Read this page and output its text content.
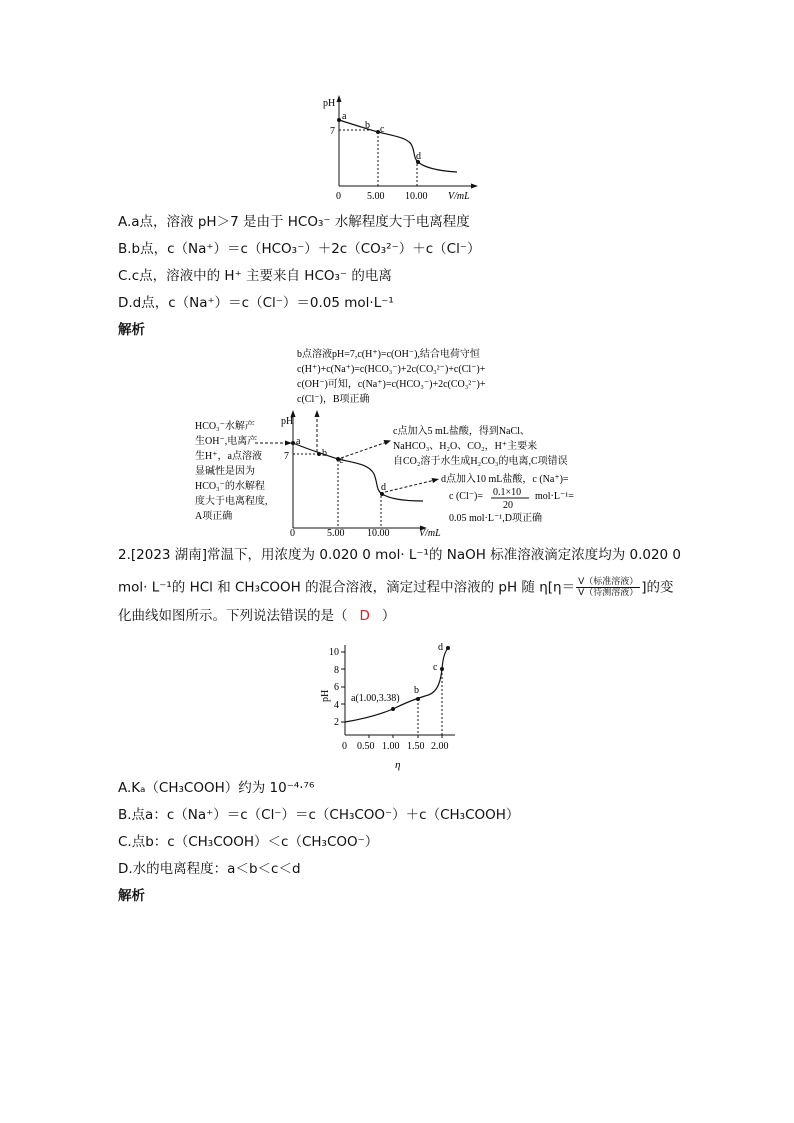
pH
V/mL
7
0	5.00 10.00
a
b c
d
A.a点，溶液 pH＞7 是由于 HCO₃⁻ 水解程度大于电离程度
B.b点，c（Na⁺）＝c（HCO₃⁻）＋2c（CO₃²⁻）＋c（Cl⁻）
C.c点，溶液中的 H⁺ 主要来自 HCO₃⁻ 的电离
D.d点，c（Na⁺）＝c（Cl⁻）＝0.05 mol·L⁻¹
解析
b点溶液pH=7,c(H⁺)=c(OH⁻),结合电荷守恒
c(H⁺)+c(Na⁺)=c(HCO₃⁻)+2c(CO₃²⁻)+c(Cl⁻)+
c(OH⁻)可知，c(Na⁺)=c(HCO₃⁻)+2c(CO₃²⁻)+
c(Cl⁻)，B项正确
pH
7
V/mL
0	5.00 10.00
a
b
c
d
HCO₃⁻水解产
生OH⁻,电离产
生H⁺，a点溶液
显碱性是因为
HCO₃⁻的水解程
度大于电离程度,
A项正确
c点加入5 mL盐酸，得到NaCl、
NaHCO₃、H₂O、CO₂，H⁺主要来
自CO₂溶于水生成H₂CO₃的电离,C项错误
d点加入10 mL盐酸，c (Na⁺)=
c (Cl⁻)= 0.1×10
20
mol·L⁻¹=
0.05 mol·L⁻¹,D项正确
2.[2023 湖南]常温下，用浓度为 0.020 0 mol· L⁻¹的 NaOH 标准溶液滴定浓度均为 0.020 0
mol· L⁻¹的 HCl 和 CH₃COOH 的混合溶液，滴定过程中溶液的 pH 随 $\eta[\eta= \frac{\text{V（标准溶液）}}{\text{V（待测溶液）}}$ ]的变
化曲线如图所示。下列说法错误的是（ D ）
2
4
6
8
10
pH
0 0.50 1.00 1.50 2.00
η
a(1.00,3.38)
b
c
d
A.Kₐ（CH₃COOH）约为 10⁻⁴·⁷⁶
B.点a：c（Na⁺）＝c（Cl⁻）＝c（CH₃COO⁻）＋c（CH₃COOH）
C.点b：c（CH₃COOH）＜c（CH₃COO⁻）
D.水的电离程度：a＜b＜c＜d
解析
